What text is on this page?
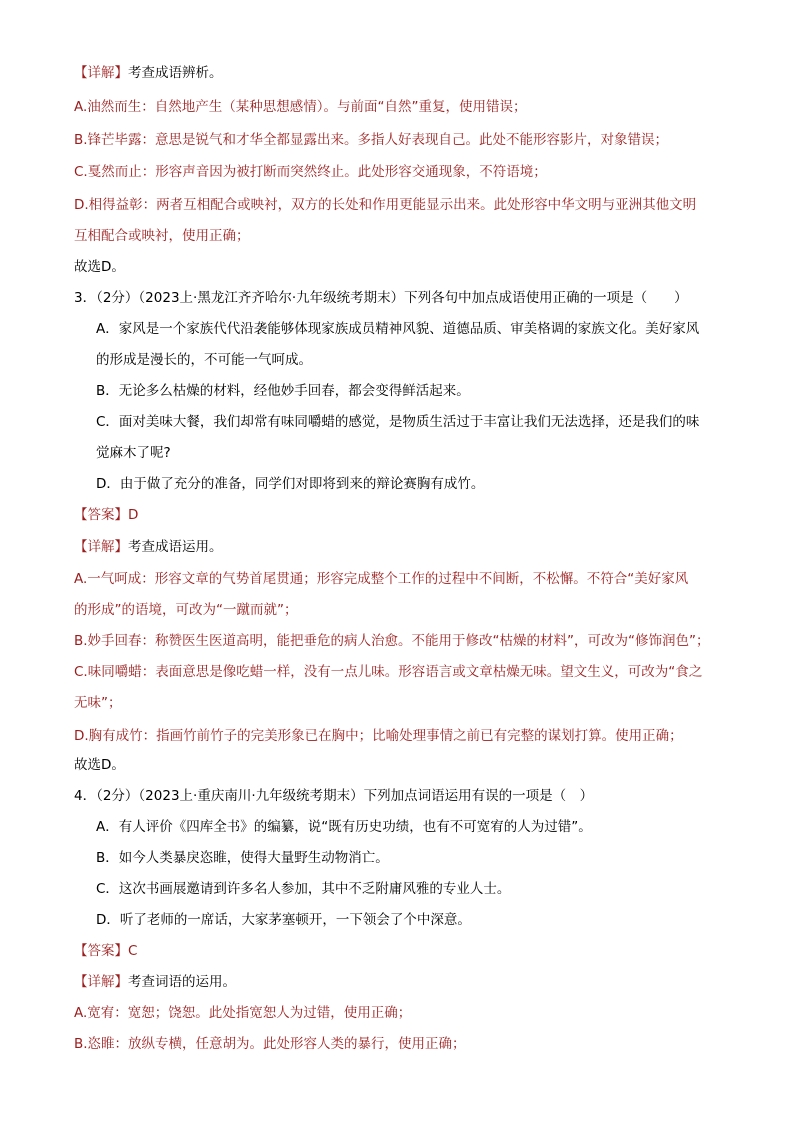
【详解】考查成语辨析。
A.油然而生：自然地产生（某种思想感情）。与前面“自然”重复，使用错误；
B.锋芒毕露：意思是锐气和才华全都显露出来。多指人好表现自己。此处不能形容影片，对象错误；
C.戛然而止：形容声音因为被打断而突然终止。此处形容交通现象，不符语境；
D.相得益彰：两者互相配合或映衬，双方的长处和作用更能显示出来。此处形容中华文明与亚洲其他文明
互相配合或映衬，使用正确；
故选D。
3．（2分）（2023上·黑龙江齐齐哈尔·九年级统考期末）下列各句中加点成语使用正确的一项是（　　）
A．家风是一个家族代代沿袭能够体现家族成员精神风貌、道德品质、审美格调的家族文化。美好家风
的形成是漫长的，不可能一气呵成。
B．无论多么枯燥的材料，经他妙手回春，都会变得鲜活起来。
C．面对美味大餐，我们却常有味同嚼蜡的感觉，是物质生活过于丰富让我们无法选择，还是我们的味
觉麻木了呢?
D．由于做了充分的准备，同学们对即将到来的辩论赛胸有成竹。
【答案】D
【详解】考查成语运用。
A.一气呵成：形容文章的气势首尾贯通；形容完成整个工作的过程中不间断，不松懈。不符合“美好家风
的形成”的语境，可改为“一蹴而就”；
B.妙手回春：称赞医生医道高明，能把垂危的病人治愈。不能用于修改“枯燥的材料”，可改为“修饰润色”；
C.味同嚼蜡：表面意思是像吃蜡一样，没有一点儿味。形容语言或文章枯燥无味。望文生义，可改为“食之
无味”；
D.胸有成竹：指画竹前竹子的完美形象已在胸中；比喻处理事情之前已有完整的谋划打算。使用正确；
故选D。
4．（2分）（2023上·重庆南川·九年级统考期末）下列加点词语运用有误的一项是（　）
A．有人评价《四库全书》的编纂，说“既有历史功绩，也有不可宽宥的人为过错”。
B．如今人类暴戾恣睢，使得大量野生动物消亡。
C．这次书画展邀请到许多名人参加，其中不乏附庸风雅的专业人士。
D．听了老师的一席话，大家茅塞顿开，一下领会了个中深意。
【答案】C
【详解】考查词语的运用。
A.宽宥：宽恕；饶恕。此处指宽恕人为过错，使用正确；
B.恣睢：放纵专横，任意胡为。此处形容人类的暴行，使用正确；
